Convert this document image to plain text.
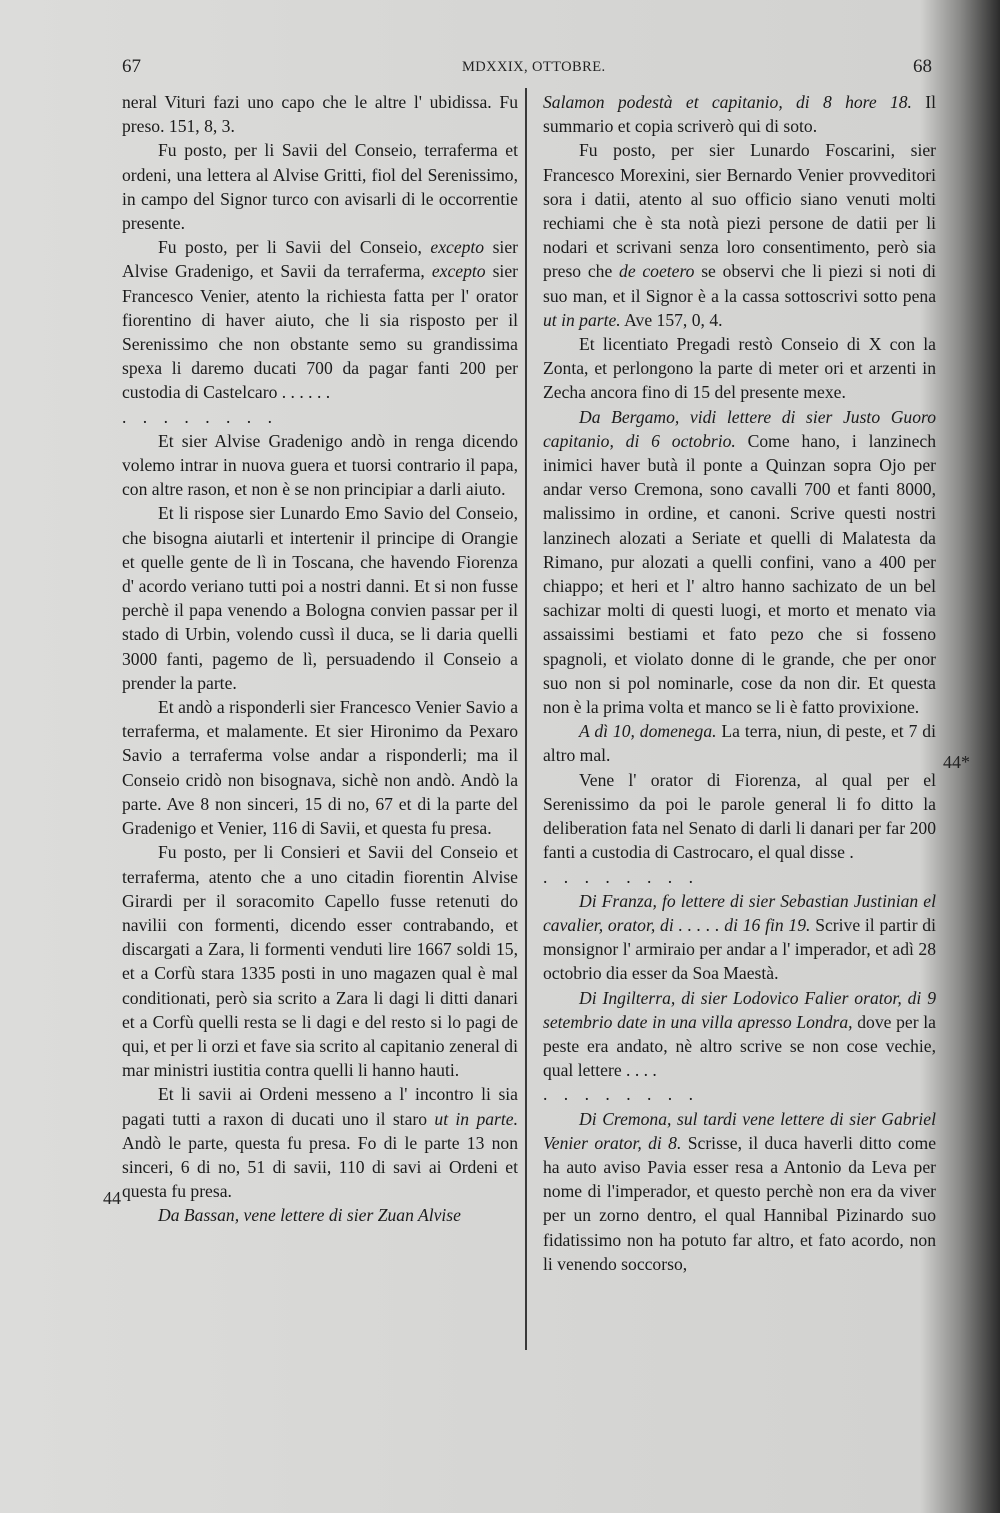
67	MDXXIX, OTTOBRE.	68

neral Vituri fazi uno capo che le altre l' ubidissa. Fu preso. 151, 8, 3.

Fu posto, per li Savii del Conseio, terraferma et ordeni, una lettera al Alvise Gritti, fiol del Serenissimo, in campo del Signor turco con avisarli di le occorrentie presente.

Fu posto, per li Savii del Conseio, excepto sier Alvise Gradenigo, et Savii da terraferma, excepto sier Francesco Venier, atento la richiesta fatta per l' orator fiorentino di haver aiuto, che li sia risposto per il Serenissimo che non obstante semo su grandissima spexa li daremo ducati 700 da pagar fanti 200 per custodia di Castelcaro . . . . . .

. . . . . . . .

Et sier Alvise Gradenigo andò in renga dicendo volemo intrar in nuova guera et tuorsi contrario il papa, con altre rason, et non è se non principiar a darli aiuto.

Et li rispose sier Lunardo Emo Savio del Conseio, che bisogna aiutarli et intertenir il principe di Orangie et quelle gente de lì in Toscana, che havendo Fiorenza d' acordo veriano tutti poi a nostri danni. Et si non fusse perchè il papa venendo a Bologna convien passar per il stado di Urbin, volendo cussì il duca, se li daria quelli 3000 fanti, pagemo de lì, persuadendo il Conseio a prender la parte.

Et andò a risponderli sier Francesco Venier Savio a terraferma, et malamente. Et sier Hironimo da Pexaro Savio a terraferma volse andar a risponderli; ma il Conseio cridò non bisognava, sichè non andò. Andò la parte. Ave 8 non sinceri, 15 di no, 67 et di la parte del Gradenigo et Venier, 116 di Savii, et questa fu presa.

Fu posto, per li Consieri et Savii del Conseio et terraferma, atento che a uno citadin fiorentin Alvise Girardi per il soracomito Capello fusse retenuti do navilii con formenti, dicendo esser contrabando, et discargati a Zara, li formenti venduti lire 1667 soldi 15, et a Corfù stara 1335 posti in uno magazen qual è mal conditionati, però sia scrito a Zara li dagi li ditti danari et a Corfù quelli resta se li dagi e del resto si lo pagi de qui, et per li orzi et fave sia scrito al capitanio zeneral di mar ministri iustitia contra quelli li hanno hauti.

Et li savii ai Ordeni messeno a l' incontro li sia pagati tutti a raxon di ducati uno il staro ut in parte. Andò le parte, questa fu presa. Fo di le parte 13 non sinceri, 6 di no, 51 di savii, 110 di savi ai Ordeni et questa fu presa.

Da Bassan, vene lettere di sier Zuan Alvise

Salamon podestà et capitanio, di 8 hore 18. Il summario et copia scriverò qui di soto.

Fu posto, per sier Lunardo Foscarini, sier Francesco Morexini, sier Bernardo Venier provveditori sora i datii, atento al suo officio siano venuti molti rechiami che è sta notà piezi persone de datii per li nodari et scrivani senza loro consentimento, però sia preso che de coetero se observi che li piezi si noti di suo man, et il Signor è a la cassa sottoscrivi sotto pena ut in parte. Ave 157, 0, 4.

Et licentiato Pregadi restò Conseio di X con la Zonta, et perlongono la parte di meter ori et arzenti in Zecha ancora fino di 15 del presente mexe.

Da Bergamo, vidi lettere di sier Justo Guoro capitanio, di 6 octobrio. Come hano, i lanzinech inimici haver butà il ponte a Quinzan sopra Ojo per andar verso Cremona, sono cavalli 700 et fanti 8000, malissimo in ordine, et canoni. Scrive questi nostri lanzinech alozati a Seriate et quelli di Malatesta da Rimano, pur alozati a quelli confini, vano a 400 per chiappo; et heri et l' altro hanno sachizato de un bel sachizar molti di questi luogi, et morto et menato via assaissimi bestiami et fato pezo che si fosseno spagnoli, et violato donne di le grande, che per onor suo non si pol nominarle, cose da non dir. Et questa non è la prima volta et manco se li è fatto provixione.

A dì 10, domenega. La terra, niun, di peste, et 7 di altro mal.

Vene l' orator di Fiorenza, al qual per el Serenissimo da poi le parole general li fo ditto la deliberation fata nel Senato di darli li danari per far 200 fanti a custodia di Castrocaro, el qual disse .

. . . . . . . .

Di Franza, fo lettere di sier Sebastian Justinian el cavalier, orator, di . . . . . di 16 fin 19. Scrive il partir di monsignor l' armiraio per andar a l' imperador, et adì 28 octobrio dia esser da Soa Maestà.

Di Ingilterra, di sier Lodovico Falier orator, di 9 setembrio date in una villa apresso Londra, dove per la peste era andato, nè altro scrive se non cose vechie, qual lettere . . . .

. . . . . . . .

Di Cremona, sul tardi vene lettere di sier Gabriel Venier orator, di 8. Scrisse, il duca haverli ditto come ha auto aviso Pavia esser resa a Antonio da Leva per nome di l'imperador, et questo perchè non era da viver per un zorno dentro, el qual Hannibal Pizinardo suo fidatissimo non ha potuto far altro, et fato acordo, non li venendo soccorso,

44
44*
